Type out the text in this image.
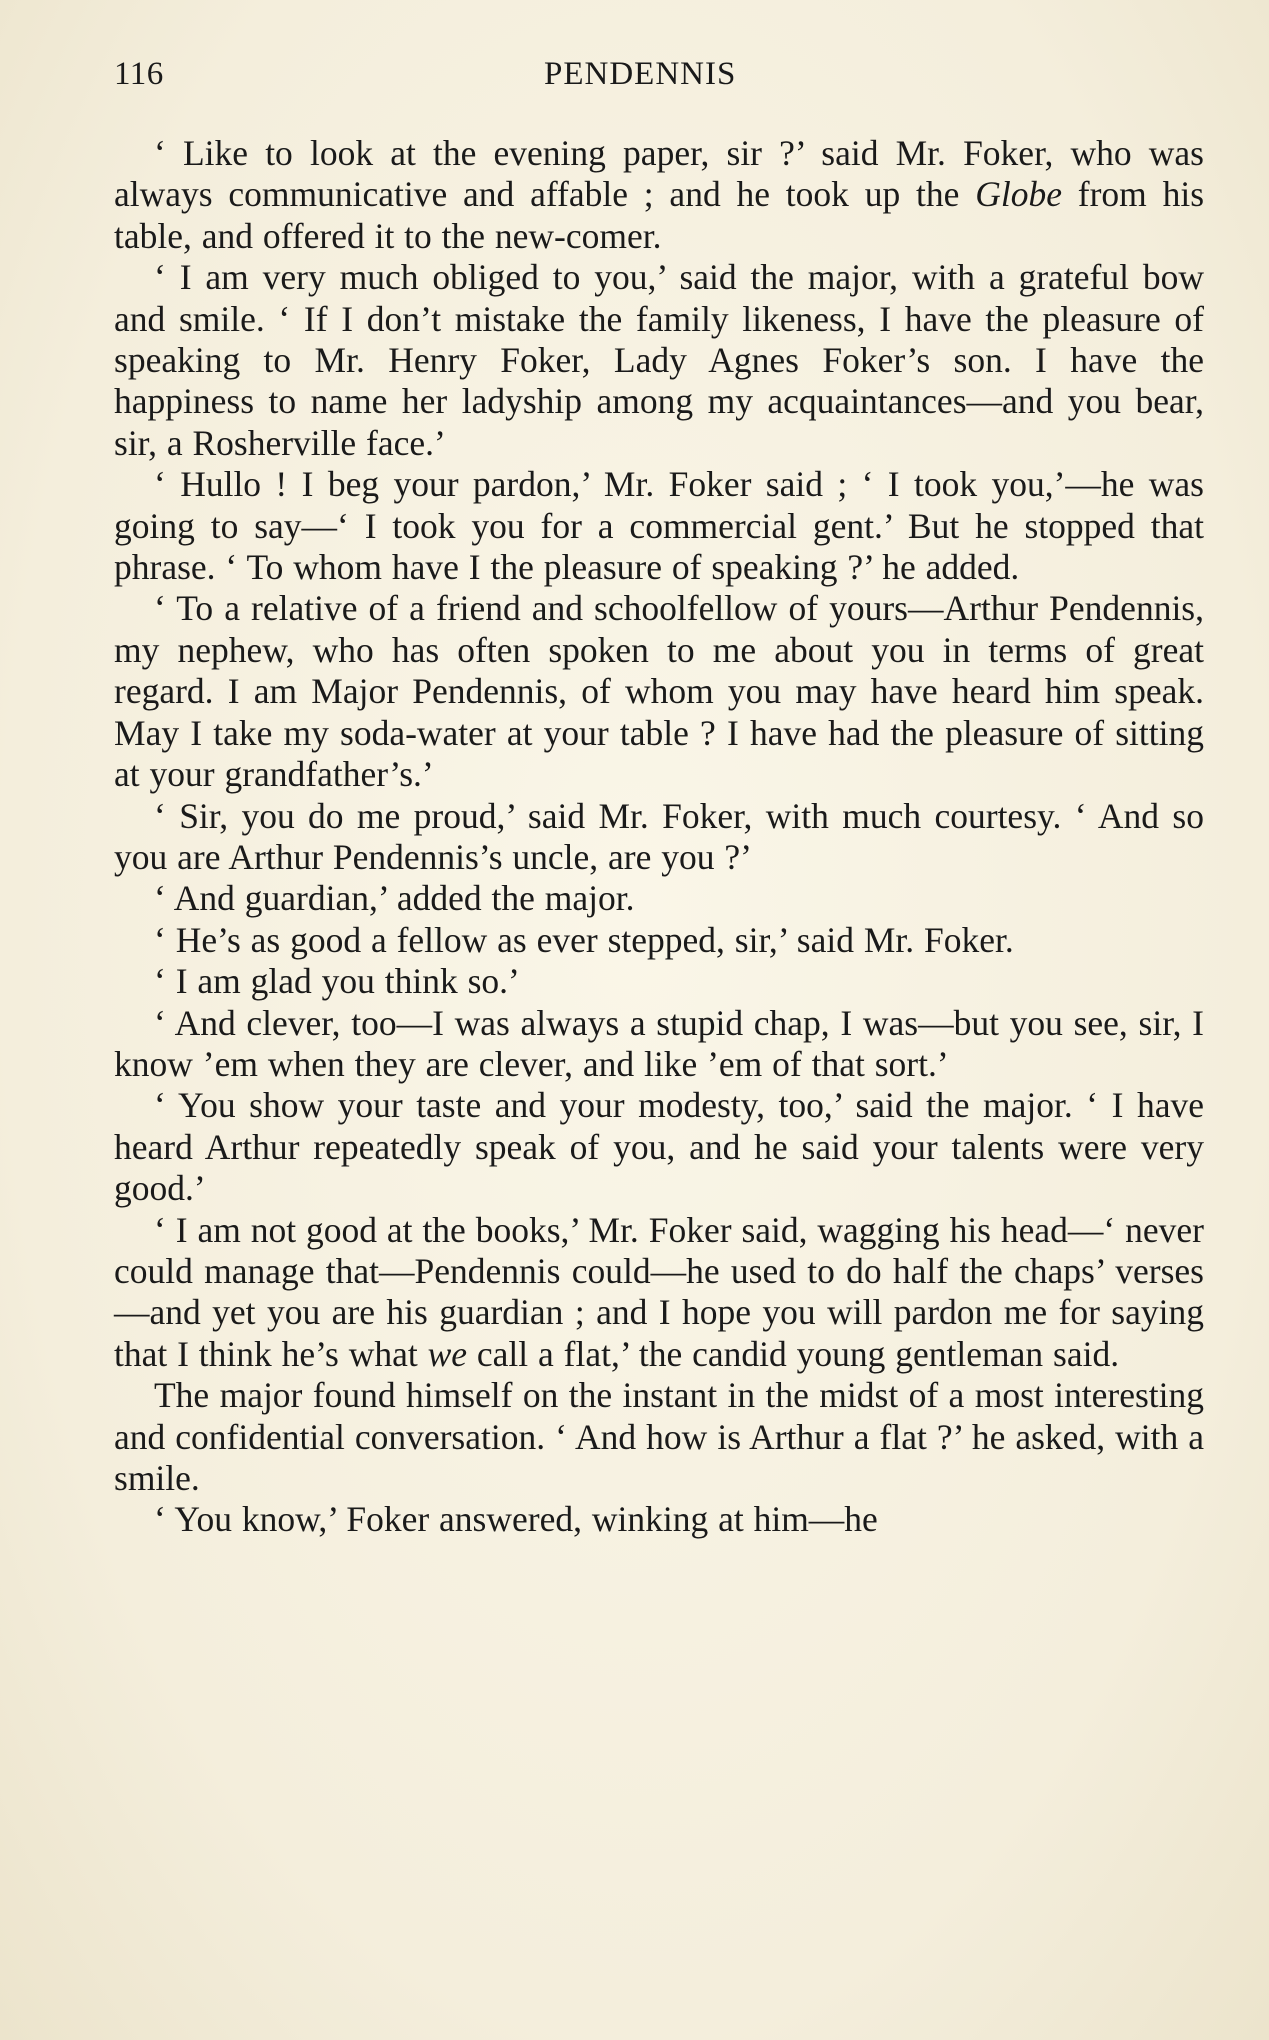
116	PENDENNIS

‘ Like to look at the evening paper, sir ?’ said Mr. Foker, who was always communicative and affable ; and he took up the Globe from his table, and offered it to the new-comer.

‘ I am very much obliged to you,’ said the major, with a grateful bow and smile. ‘ If I don’t mistake the family likeness, I have the pleasure of speaking to Mr. Henry Foker, Lady Agnes Foker’s son. I have the happiness to name her ladyship among my acquaintances—and you bear, sir, a Rosherville face.’

‘ Hullo ! I beg your pardon,’ Mr. Foker said ; ‘ I took you,’—he was going to say—‘ I took you for a commercial gent.’ But he stopped that phrase. ‘ To whom have I the pleasure of speaking ?’ he added.

‘ To a relative of a friend and schoolfellow of yours—Arthur Pendennis, my nephew, who has often spoken to me about you in terms of great regard. I am Major Pendennis, of whom you may have heard him speak. May I take my soda-water at your table ? I have had the pleasure of sitting at your grandfather’s.’

‘ Sir, you do me proud,’ said Mr. Foker, with much courtesy. ‘ And so you are Arthur Pendennis’s uncle, are you ?’

‘ And guardian,’ added the major.

‘ He’s as good a fellow as ever stepped, sir,’ said Mr. Foker.

‘ I am glad you think so.’

‘ And clever, too—I was always a stupid chap, I was—but you see, sir, I know ’em when they are clever, and like ’em of that sort.’

‘ You show your taste and your modesty, too,’ said the major. ‘ I have heard Arthur repeatedly speak of you, and he said your talents were very good.’

‘ I am not good at the books,’ Mr. Foker said, wagging his head—‘ never could manage that—Pendennis could—he used to do half the chaps’ verses—and yet you are his guardian ; and I hope you will pardon me for saying that I think he’s what we call a flat,’ the candid young gentleman said.

The major found himself on the instant in the midst of a most interesting and confidential conversation. ‘ And how is Arthur a flat ?’ he asked, with a smile.

‘ You know,’ Foker answered, winking at him—he
